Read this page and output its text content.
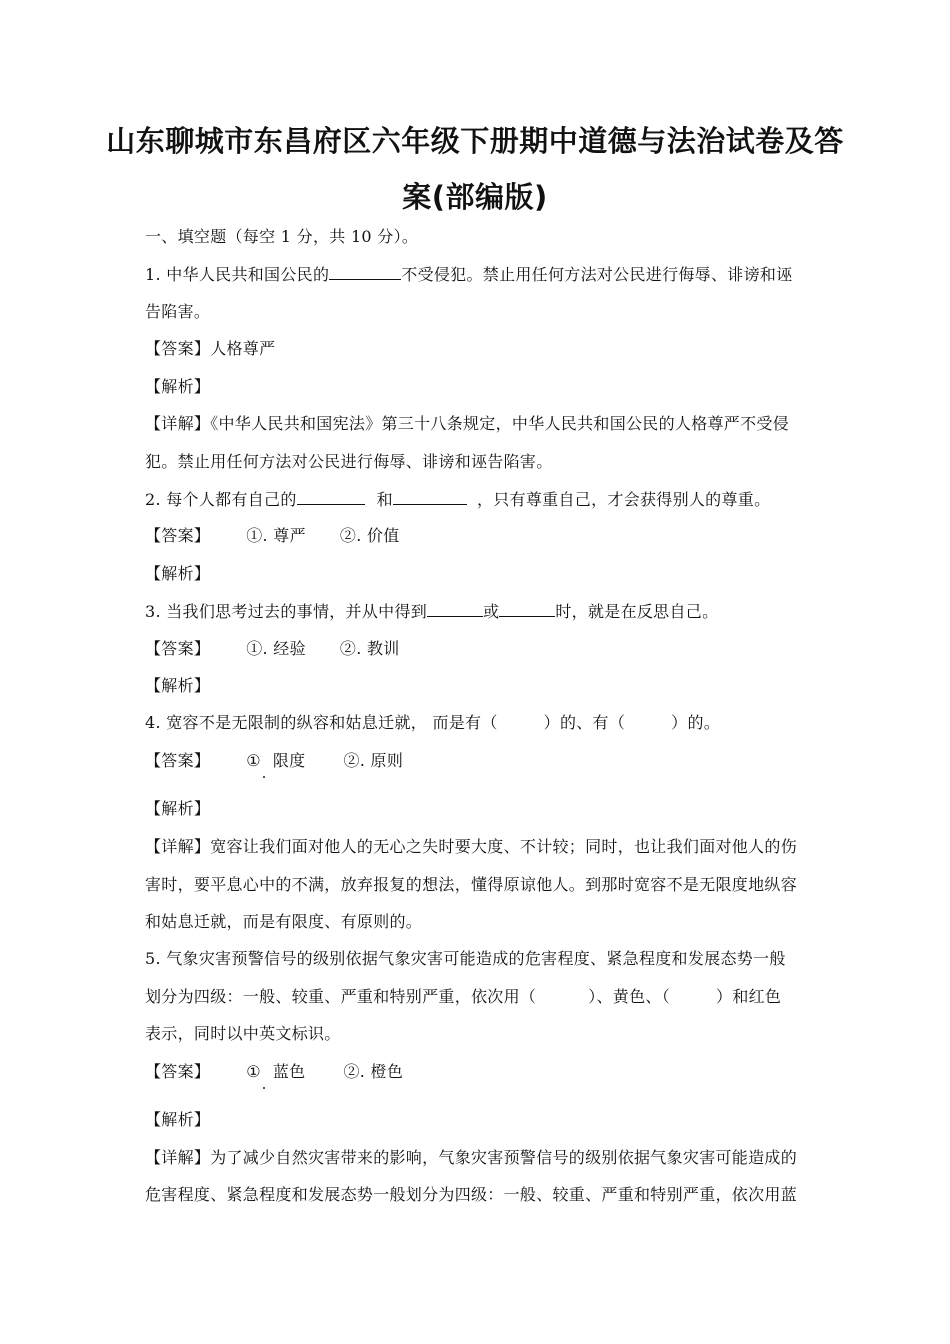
山东聊城市东昌府区六年级下册期中道德与法治试卷及答
案(部编版)
一、填空题（每空 1 分，共 10 分）。
1. 中华人民共和国公民的	不受侵犯。禁止用任何方法对公民进行侮辱、诽谤和诬
告陷害。
【答案】人格尊严
【解析】
【详解】《中华人民共和国宪法》第三十八条规定，中华人民共和国公民的人格尊严不受侵
犯。禁止用任何方法对公民进行侮辱、诽谤和诬告陷害。
2. 每个人都有自己的	和	，只有尊重自己，才会获得别人的尊重。
【答案】 ①. 尊严 ②. 价值
【解析】
3. 当我们思考过去的事情，并从中得到	或	时，就是在反思自己。
【答案】 ①. 经验 ②. 教训
【解析】
4. 宽容不是无限制的纵容和姑息迁就， 而是有（	）的、有（	）的。
【答案】 ① 限度 ②. 原则
【解析】
【详解】宽容让我们面对他人的无心之失时要大度、不计较；同时，也让我们面对他人的伤
害时，要平息心中的不满，放弃报复的想法，懂得原谅他人。到那时宽容不是无限度地纵容
和姑息迁就，而是有限度、有原则的。
5. 气象灾害预警信号的级别依据气象灾害可能造成的危害程度、紧急程度和发展态势一般
划分为四级：一般、较重、严重和特别严重，依次用（	）、黄色、（	）和红色
表示，同时以中英文标识。
【答案】 ① 蓝色 ②. 橙色
【解析】
【详解】为了减少自然灾害带来的影响，气象灾害预警信号的级别依据气象灾害可能造成的
危害程度、紧急程度和发展态势一般划分为四级：一般、较重、严重和特别严重，依次用蓝
